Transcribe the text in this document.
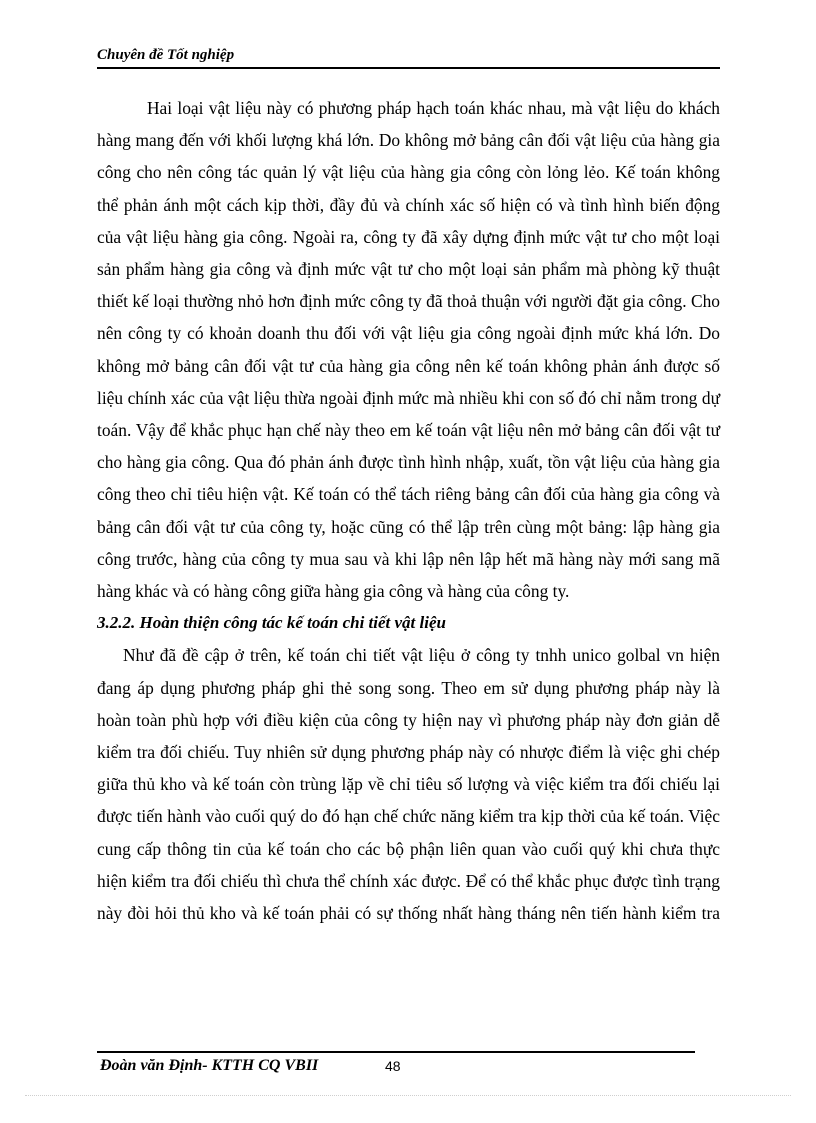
Chuyên đề Tốt nghiệp

Hai loại vật liệu này có phương pháp hạch toán khác nhau, mà vật liệu do khách hàng mang đến với khối lượng khá lớn. Do không mở bảng cân đối vật liệu của hàng gia công cho nên công tác quản lý vật liệu của hàng gia công còn lỏng lẻo. Kế toán không thể phản ánh một cách kịp thời, đầy đủ và chính xác số hiện có và tình hình biến động của vật liệu hàng gia công. Ngoài ra, công ty đã xây dựng định mức vật tư cho một loại sản phẩm hàng gia công và định mức vật tư cho một loại sản phẩm mà phòng kỹ thuật thiết kế loại thường nhỏ hơn định mức công ty đã thoả thuận với người đặt gia công. Cho nên công ty có khoản doanh thu đối với vật liệu gia công ngoài định mức khá lớn. Do không mở bảng cân đối vật tư của hàng gia công nên kế toán không phản ánh được số liệu chính xác của vật liệu thừa ngoài định mức mà nhiều khi con số đó chỉ nằm trong dự toán. Vậy để khắc phục hạn chế này theo em kế toán vật liệu nên mở bảng cân đối vật tư cho hàng gia công. Qua đó phản ánh được tình hình nhập, xuất, tồn vật liệu của hàng gia công theo chỉ tiêu hiện vật. Kế toán có thể tách riêng bảng cân đối của hàng gia công và bảng cân đối vật tư của công ty, hoặc cũng có thể lập trên cùng một bảng: lập hàng gia công trước, hàng của công ty mua sau và khi lập nên lập hết mã hàng này mới sang mã hàng khác và có hàng công giữa hàng gia công và hàng của công ty.

3.2.2. Hoàn thiện công tác kế toán chi tiết vật liệu

Như đã đề cập ở trên, kế toán chi tiết vật liệu ở công ty tnhh unico golbal vn hiện đang áp dụng phương pháp ghi thẻ song song. Theo em sử dụng phương pháp này là hoàn toàn phù hợp với điều kiện của công ty hiện nay vì phương pháp này đơn giản dễ kiểm tra đối chiếu. Tuy nhiên sử dụng phương pháp này có nhược điểm là việc ghi chép giữa thủ kho và kế toán còn trùng lặp về chỉ tiêu số lượng và việc kiểm tra đối chiếu lại được tiến hành vào cuối quý do đó hạn chế chức năng kiểm tra kịp thời của kế toán. Việc cung cấp thông tin của kế toán cho các bộ phận liên quan vào cuối quý khi chưa thực hiện kiểm tra đối chiếu thì chưa thể chính xác được. Để có thể khắc phục được tình trạng này đòi hỏi thủ kho và kế toán phải có sự thống nhất hàng tháng nên tiến hành kiểm tra

Đoàn văn Định- KTTH CQ VBII	48
